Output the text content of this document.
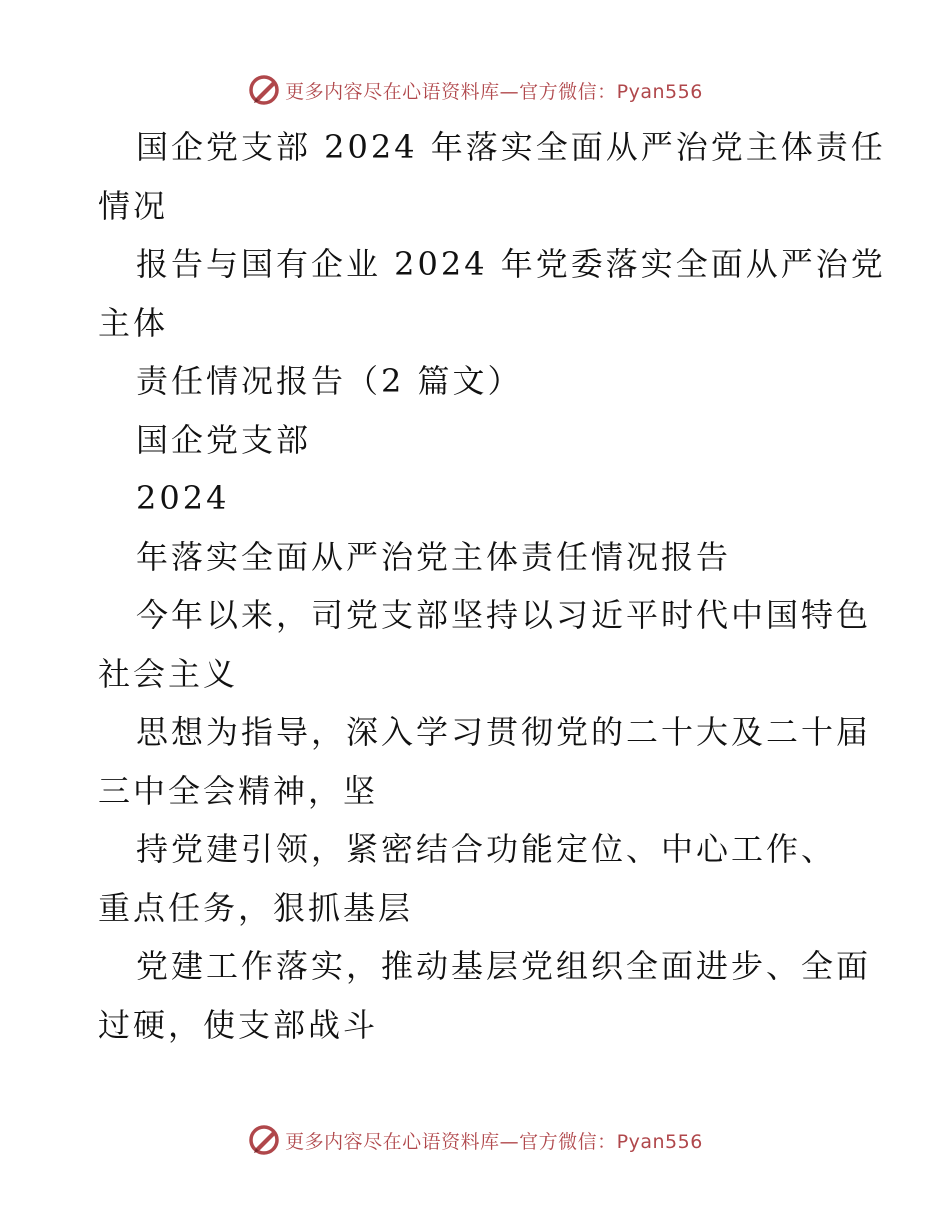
更多内容尽在心语资料库—官方微信：Pyan556
国企党支部 2024 年落实全面从严治党主体责任
情况
报告与国有企业 2024 年党委落实全面从严治党
主体
责任情况报告（2 篇文）
国企党支部
2024
年落实全面从严治党主体责任情况报告
今年以来，司党支部坚持以习近平时代中国特色
社会主义
思想为指导，深入学习贯彻党的二十大及二十届
三中全会精神，坚
持党建引领，紧密结合功能定位、中心工作、
重点任务，狠抓基层
党建工作落实，推动基层党组织全面进步、全面
过硬，使支部战斗
更多内容尽在心语资料库—官方微信：Pyan556
